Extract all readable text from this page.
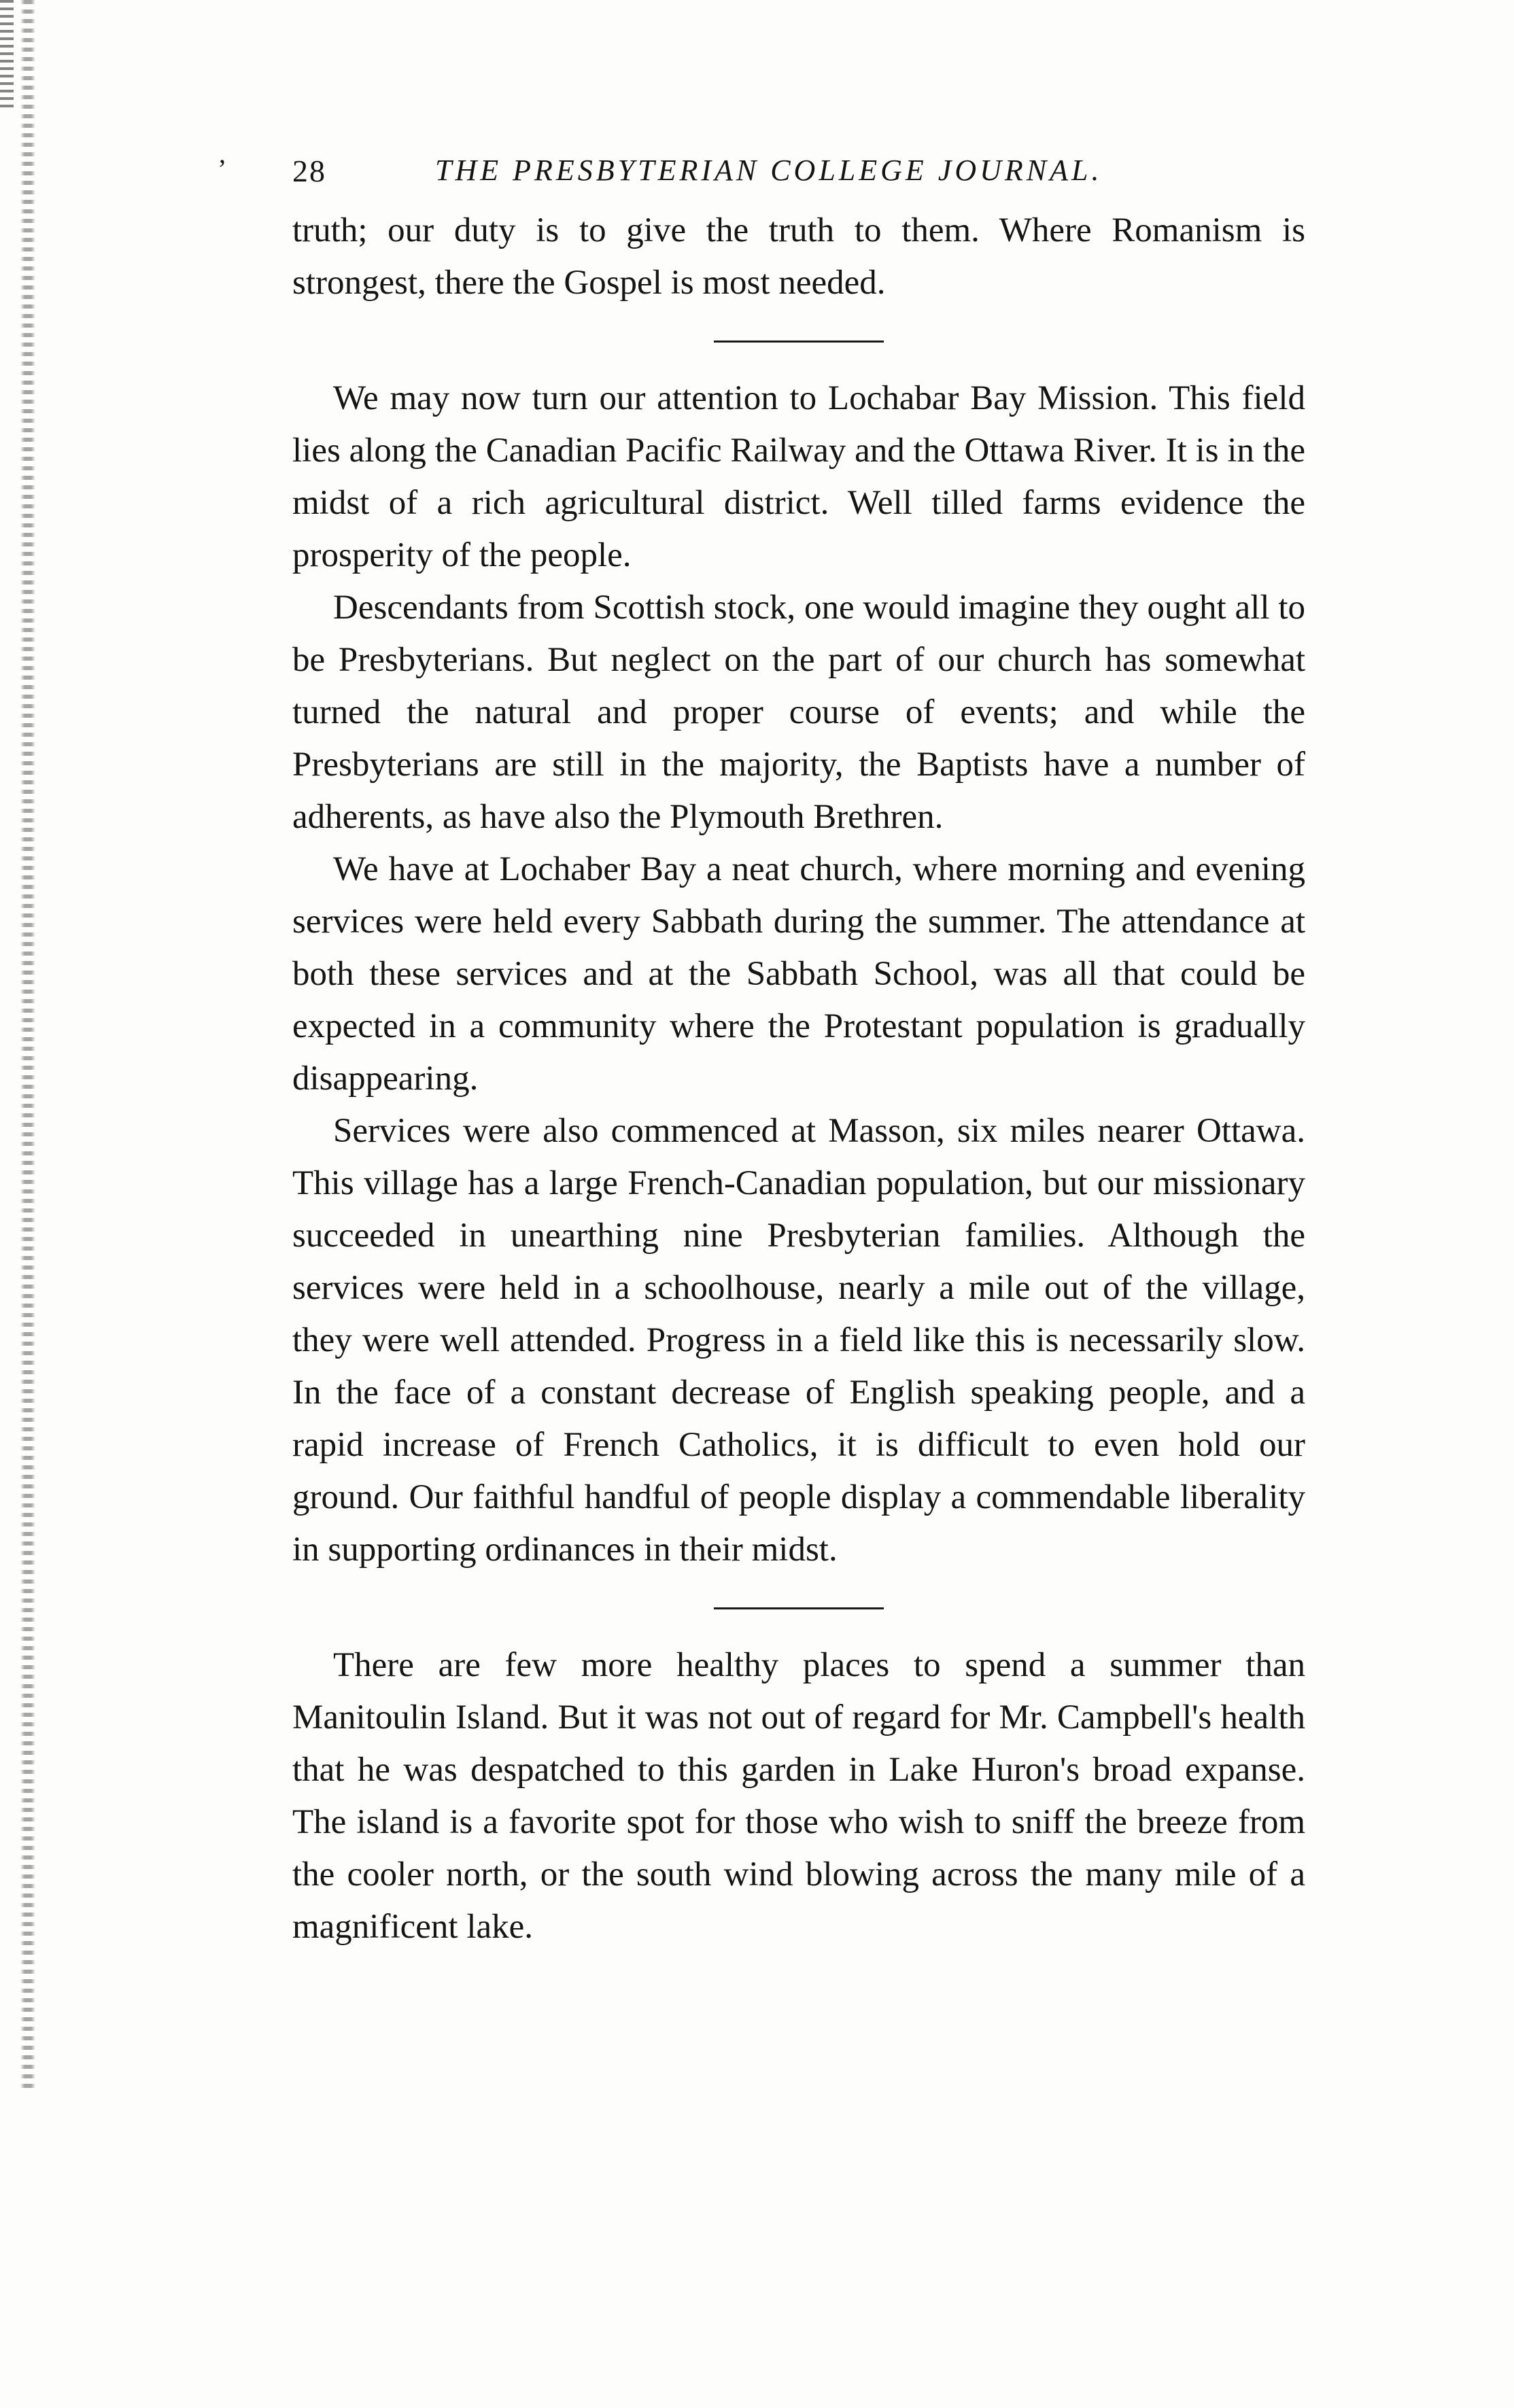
’ 28	THE PRESBYTERIAN COLLEGE JOURNAL.

truth; our duty is to give the truth to them. Where Romanism is strongest, there the Gospel is most needed.

We may now turn our attention to Lochabar Bay Mission. This field lies along the Canadian Pacific Railway and the Ottawa River. It is in the midst of a rich agricultural district. Well tilled farms evidence the prosperity of the people.

Descendants from Scottish stock, one would imagine they ought all to be Presbyterians. But neglect on the part of our church has somewhat turned the natural and proper course of events; and while the Presbyterians are still in the majority, the Baptists have a number of adherents, as have also the Plymouth Brethren.

We have at Lochaber Bay a neat church, where morning and evening services were held every Sabbath during the summer. The attendance at both these services and at the Sabbath School, was all that could be expected in a community where the Protestant population is gradually disappearing.

Services were also commenced at Masson, six miles nearer Ottawa. This village has a large French-Canadian population, but our missionary succeeded in unearthing nine Presbyterian families. Although the services were held in a schoolhouse, nearly a mile out of the village, they were well attended. Progress in a field like this is necessarily slow. In the face of a constant decrease of English speaking people, and a rapid increase of French Catholics, it is difficult to even hold our ground. Our faithful handful of people display a commendable liberality in supporting ordinances in their midst.

There are few more healthy places to spend a summer than Manitoulin Island. But it was not out of regard for Mr. Campbell's health that he was despatched to this garden in Lake Huron's broad expanse. The island is a favorite spot for those who wish to sniff the breeze from the cooler north, or the south wind blowing across the many mile of a magnificent lake.
